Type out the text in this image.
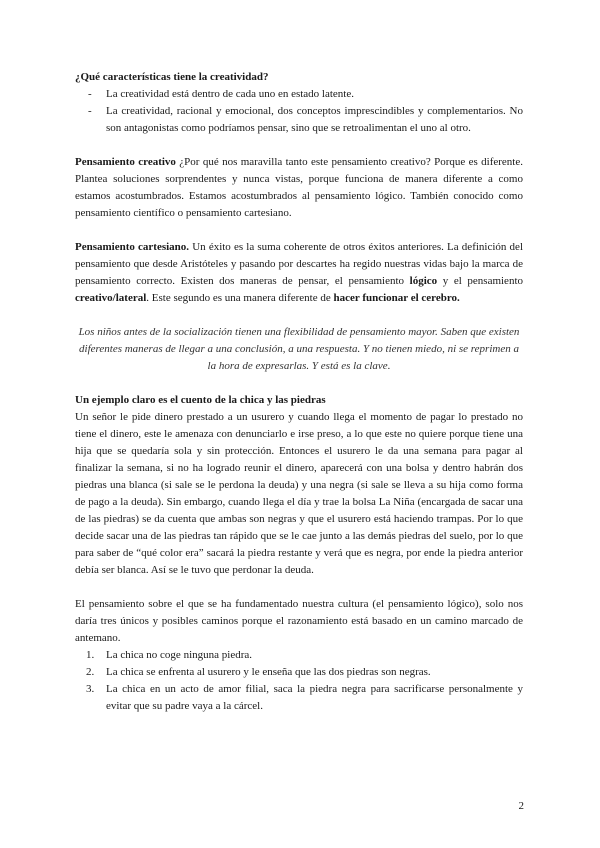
¿Qué características tiene la creatividad?

- La creatividad está dentro de cada uno en estado latente.
- La creatividad, racional y emocional, dos conceptos imprescindibles y complementarios. No son antagonistas como podríamos pensar, sino que se retroalimentan el uno al otro.

Pensamiento creativo ¿Por qué nos maravilla tanto este pensamiento creativo? Porque es diferente. Plantea soluciones sorprendentes y nunca vistas, porque funciona de manera diferente a como estamos acostumbrados. Estamos acostumbrados al pensamiento lógico. También conocido como pensamiento científico o pensamiento cartesiano.

Pensamiento cartesiano. Un éxito es la suma coherente de otros éxitos anteriores. La definición del pensamiento que desde Aristóteles y pasando por descartes ha regido nuestras vidas bajo la marca de pensamiento correcto. Existen dos maneras de pensar, el pensamiento lógico y el pensamiento creativo/lateral. Este segundo es una manera diferente de hacer funcionar el cerebro.

Los niños antes de la socialización tienen una flexibilidad de pensamiento mayor. Saben que existen diferentes maneras de llegar a una conclusión, a una respuesta. Y no tienen miedo, ni se reprimen a la hora de expresarlas. Y está es la clave.

Un ejemplo claro es el cuento de la chica y las piedras

Un señor le pide dinero prestado a un usurero y cuando llega el momento de pagar lo prestado no tiene el dinero, este le amenaza con denunciarlo e irse preso, a lo que este no quiere porque tiene una hija que se quedaría sola y sin protección. Entonces el usurero le da una semana para pagar al finalizar la semana, si no ha logrado reunir el dinero, aparecerá con una bolsa y dentro habrán dos piedras una blanca (si sale se le perdona la deuda) y una negra (si sale se lleva a su hija como forma de pago a la deuda). Sin embargo, cuando llega el día y trae la bolsa La Niña (encargada de sacar una de las piedras) se da cuenta que ambas son negras y que el usurero está haciendo trampas. Por lo que decide sacar una de las piedras tan rápido que se le cae junto a las demás piedras del suelo, por lo que para saber de “qué color era” sacará la piedra restante y verá que es negra, por ende la piedra anterior debía ser blanca. Así se le tuvo que perdonar la deuda.

El pensamiento sobre el que se ha fundamentado nuestra cultura (el pensamiento lógico), solo nos daría tres únicos y posibles caminos porque el razonamiento está basado en un camino marcado de antemano.

1. La chica no coge ninguna piedra.
2. La chica se enfrenta al usurero y le enseña que las dos piedras son negras.
3. La chica en un acto de amor filial, saca la piedra negra para sacrificarse personalmente y evitar que su padre vaya a la cárcel.
2
